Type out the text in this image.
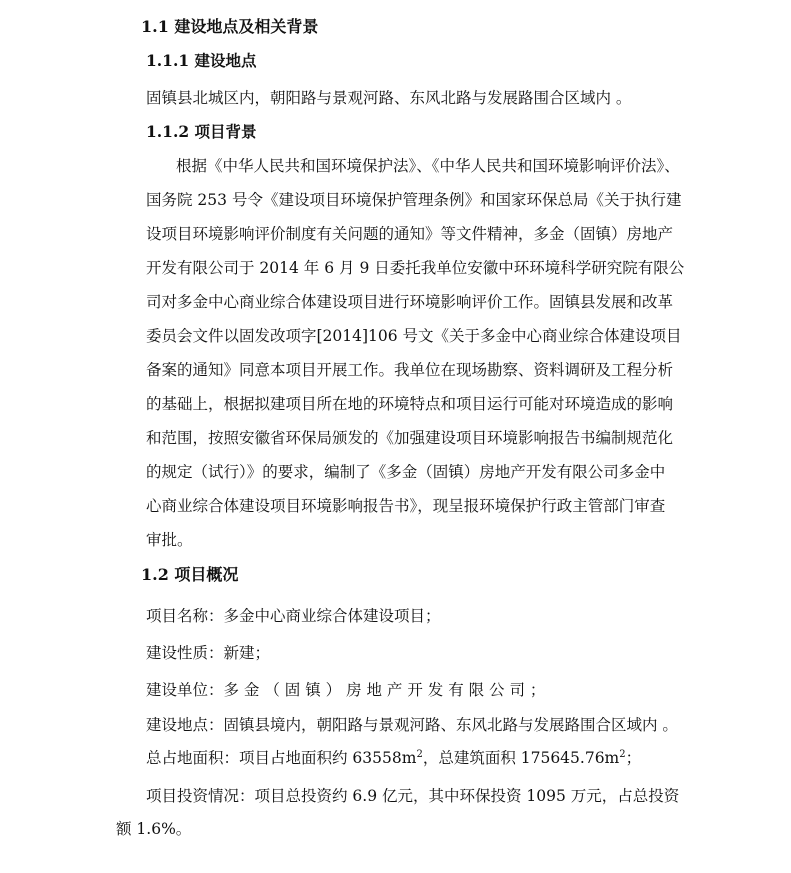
1.1 建设地点及相关背景
1.1.1 建设地点
固镇县北城区内，朝阳路与景观河路、东风北路与发展路围合区域内 。
1.1.2 项目背景
根据《中华人民共和国环境保护法》、《中华人民共和国环境影响评价法》、
国务院 253 号令《建设项目环境保护管理条例》和国家环保总局《关于执行建
设项目环境影响评价制度有关问题的通知》等文件精神，多金（固镇）房地产
开发有限公司于 2014 年 6 月 9 日委托我单位安徽中环环境科学研究院有限公
司对多金中心商业综合体建设项目进行环境影响评价工作。固镇县发展和改革
委员会文件以固发改项字[2014]106 号文《关于多金中心商业综合体建设项目
备案的通知》同意本项目开展工作。我单位在现场勘察、资料调研及工程分析
的基础上，根据拟建项目所在地的环境特点和项目运行可能对环境造成的影响
和范围，按照安徽省环保局颁发的《加强建设项目环境影响报告书编制规范化
的规定（试行）》的要求，编制了《多金（固镇）房地产开发有限公司多金中
心商业综合体建设项目环境影响报告书》，现呈报环境保护行政主管部门审查
审批。
1.2 项目概况
项目名称：多金中心商业综合体建设项目；
建设性质：新建；
建设单位：多 金 （ 固 镇 ） 房 地 产 开 发 有 限 公 司 ；
建设地点：固镇县境内，朝阳路与景观河路、东风北路与发展路围合区域内 。
总占地面积：项目占地面积约 $63558m^2$，总建筑面积 $175645.76m^2$；
项目投资情况：项目总投资约 6.9 亿元，其中环保投资 1095 万元，占总投资
额 1.6%。
